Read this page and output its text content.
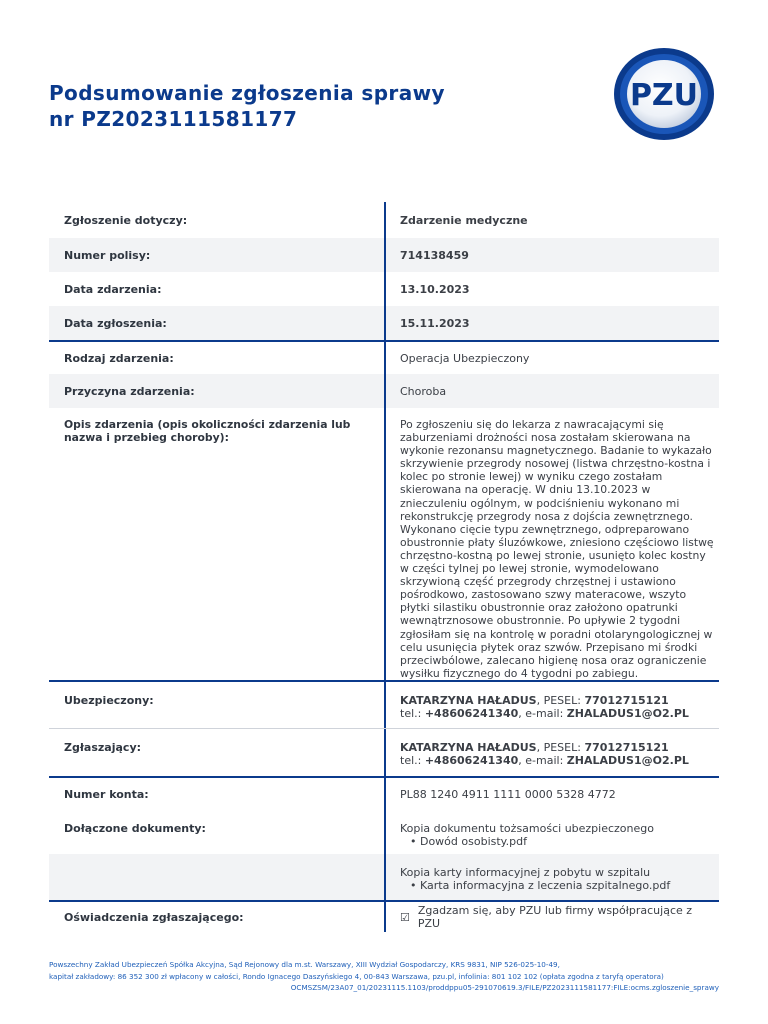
Podsumowanie zgłoszenia sprawy
nr PZ2023111581177
PZU
Zgłoszenie dotyczy:	Zdarzenie medyczne
Numer polisy:	714138459
Data zdarzenia:	13.10.2023
Data zgłoszenia:	15.11.2023
Rodzaj zdarzenia:	Operacja Ubezpieczony
Przyczyna zdarzenia:	Choroba
Opis zdarzenia (opis okoliczności zdarzenia lub nazwa i przebieg choroby):
Po zgłoszeniu się do lekarza z nawracającymi się zaburzeniami drożności nosa zostałam skierowana na wykonie rezonansu magnetycznego. Badanie to wykazało skrzywienie przegrody nosowej (listwa chrzęstno-kostna i kolec po stronie lewej) w wyniku czego zostałam skierowana na operację. W dniu 13.10.2023 w znieczuleniu ogólnym, w podciśnieniu wykonano mi rekonstrukcję przegrody nosa z dojścia zewnętrznego. Wykonano cięcie typu zewnętrznego, odpreparowano obustronnie płaty śluzówkowe, zniesiono częściowo listwę chrzęstno-kostną po lewej stronie, usunięto kolec kostny w części tylnej po lewej stronie, wymodelowano skrzywioną część przegrody chrzęstnej i ustawiono pośrodkowo, zastosowano szwy materacowe, wszyto płytki silastiku obustronnie oraz założono opatrunki wewnątrznosowe obustronnie. Po upływie 2 tygodni zgłosiłam się na kontrolę w poradni otolaryngologicznej w celu usunięcia płytek oraz szwów. Przepisano mi środki przeciwbólowe, zalecano higienę nosa oraz ograniczenie wysiłku fizycznego do 4 tygodni po zabiegu.
Ubezpieczony:	KATARZYNA HAŁADUS, PESEL: 77012715121
tel.: +48606241340, e-mail: ZHALADUS1@O2.PL
Zgłaszający:	KATARZYNA HAŁADUS, PESEL: 77012715121
tel.: +48606241340, e-mail: ZHALADUS1@O2.PL
Numer konta:	PL88 1240 4911 1111 0000 5328 4772
Dołączone dokumenty:	Kopia dokumentu tożsamości ubezpieczonego
• Dowód osobisty.pdf
Kopia karty informacyjnej z pobytu w szpitalu
• Karta informacyjna z leczenia szpitalnego.pdf
Oświadczenia zgłaszającego:	☑ Zgadzam się, aby PZU lub firmy współpracujące z PZU
Powszechny Zakład Ubezpieczeń Spółka Akcyjna, Sąd Rejonowy dla m.st. Warszawy, XIII Wydział Gospodarczy, KRS 9831, NIP 526-025-10-49,
kapitał zakładowy: 86 352 300 zł wpłacony w całości, Rondo Ignacego Daszyńskiego 4, 00-843 Warszawa, pzu.pl, infolinia: 801 102 102 (opłata zgodna z taryfą operatora)
OCMSZSM/23A07_01/20231115.1103/proddppu05-291070619.3/FILE/PZ2023111581177:FILE:ocms.zgloszenie_sprawy
